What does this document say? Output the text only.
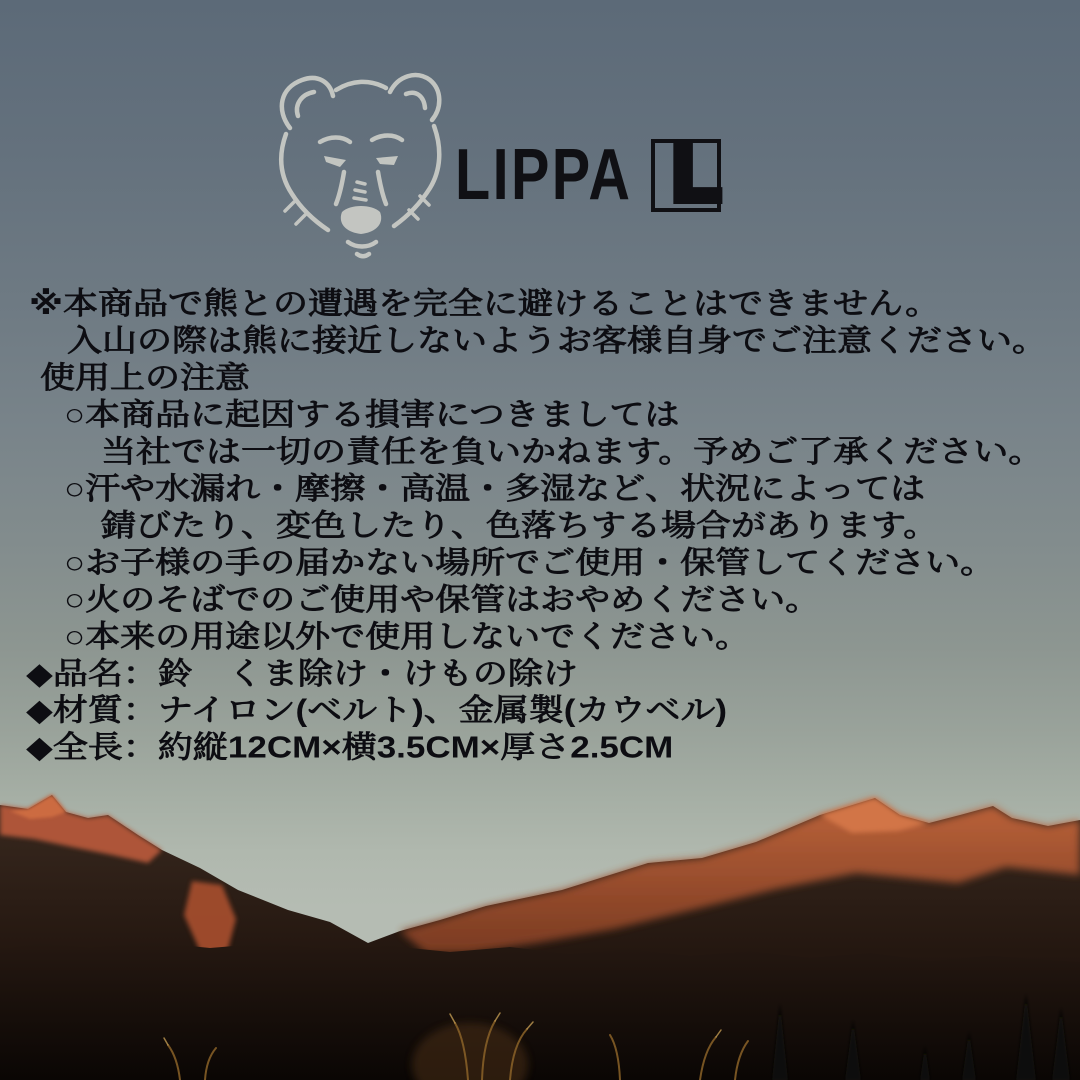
LIPPA L
※本商品で熊との遭遇を完全に避けることはできません。
入山の際は熊に接近しないようお客様自身でご注意ください。
使用上の注意
○本商品に起因する損害につきましては
当社では一切の責任を負いかねます。予めご了承ください。
○汗や水漏れ・摩擦・高温・多湿など、状況によっては
錆びたり、変色したり、色落ちする場合があります。
○お子様の手の届かない場所でご使用・保管してください。
○火のそばでのご使用や保管はおやめください。
○本来の用途以外で使用しないでください。
◆品名：鈴　くま除け・けもの除け
◆材質：ナイロン(ベルト)、金属製(カウベル)
◆全長：約縦12CM×横3.5CM×厚さ2.5CM
